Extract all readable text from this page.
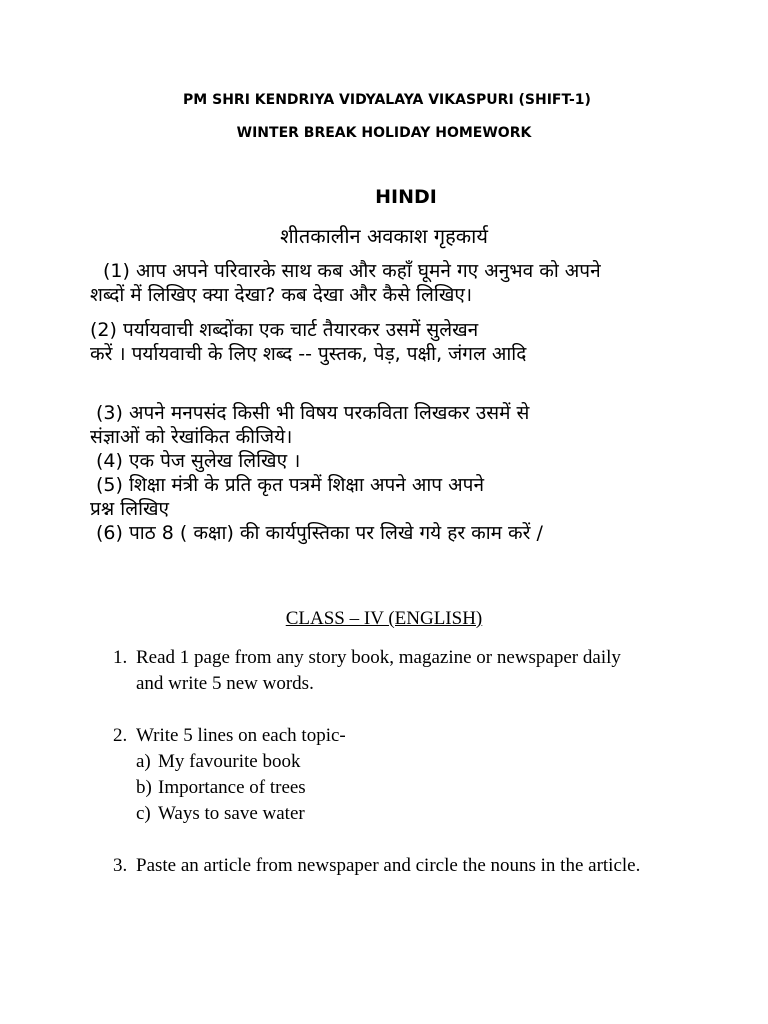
PM SHRI KENDRIYA VIDYALAYA VIKASPURI (SHIFT-1)
WINTER BREAK HOLIDAY HOMEWORK
HINDI
शीतकालीन अवकाश गृहकार्य
(1) आप अपने परिवारके साथ कब और कहाँ घूमने गए अनुभव को अपने
शब्दों में लिखिए क्या देखा? कब देखा और कैसे लिखिए।
(2) पर्यायवाची शब्दोंका एक चार्ट तैयारकर उसमें सुलेखन
करें । पर्यायवाची के लिए शब्द -- पुस्तक, पेड़, पक्षी, जंगल आदि
(3) अपने मनपसंद किसी भी विषय परकविता लिखकर उसमें से
संज्ञाओं को रेखांकित कीजिये।
(4) एक पेज सुलेख लिखिए ।
(5) शिक्षा मंत्री के प्रति कृत पत्रमें शिक्षा अपने आप अपने
प्रश्न लिखिए
(6) पाठ 8 ( कक्षा) की कार्यपुस्तिका पर लिखे गये हर काम करें /
CLASS – IV (ENGLISH)
1. Read 1 page from any story book, magazine or newspaper daily
and write 5 new words.
2. Write 5 lines on each topic-
a) My favourite book
b) Importance of trees
c) Ways to save water
3. Paste an article from newspaper and circle the nouns in the article.
